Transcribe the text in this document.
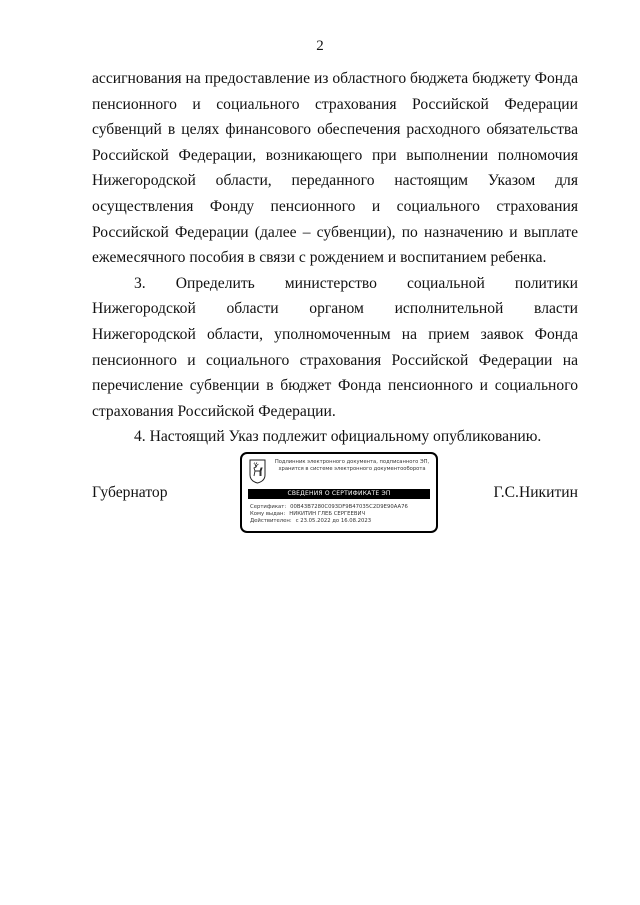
2

ассигнования на предоставление из областного бюджета бюджету Фонда пенсионного и социального страхования Российской Федерации субвенций в целях финансового обеспечения расходного обязательства Российской Федерации, возникающего при выполнении полномочия Нижегородской области, переданного настоящим Указом для осуществления Фонду пенсионного и социального страхования Российской Федерации (далее – субвенции), по назначению и выплате ежемесячного пособия в связи с рождением и воспитанием ребенка.

3. Определить министерство социальной политики Нижегородской области органом исполнительной власти Нижегородской области, уполномоченным на прием заявок Фонда пенсионного и социального страхования Российской Федерации на перечисление субвенции в бюджет Фонда пенсионного и социального страхования Российской Федерации.

4. Настоящий Указ подлежит официальному опубликованию.

Губернатор
Подлинник электронного документа, подписанного ЭП, хранится в системе электронного документооборота
СВЕДЕНИЯ О СЕРТИФИКАТЕ ЭП
Сертификат: 00B43B7280C093DF9B47035C2D9E90AA76
Кому выдан: НИКИТИН ГЛЕБ СЕРГЕЕВИЧ
Действителен: с 23.05.2022 до 16.08.2023
Г.С.Никитин
